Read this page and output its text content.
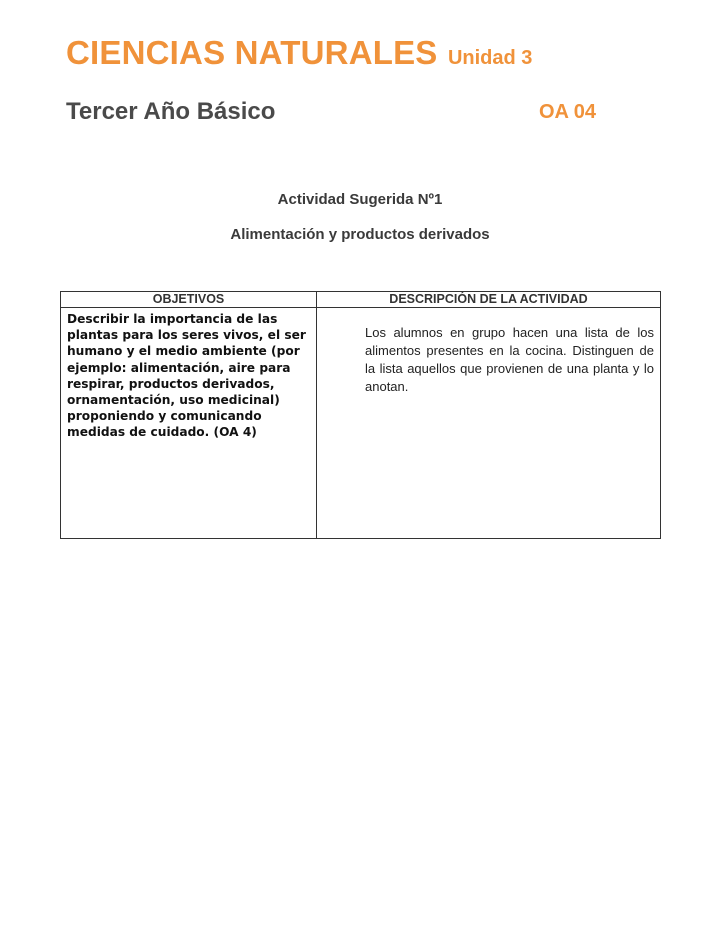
CIENCIAS NATURALES Unidad 3
Tercer Año Básico	OA 04
Actividad Sugerida Nº1
Alimentación y productos derivados
OBJETIVOS	DESCRIPCIÓN DE LA ACTIVIDAD

Describir la importancia de las plantas para los seres vivos, el ser humano y el medio ambiente (por ejemplo: alimentación, aire para respirar, productos derivados, ornamentación, uso medicinal) proponiendo y comunicando medidas de cuidado. (OA 4)	Los alumnos en grupo hacen una lista de los alimentos presentes en la cocina. Distinguen de la lista aquellos que provienen de una planta y lo anotan.
